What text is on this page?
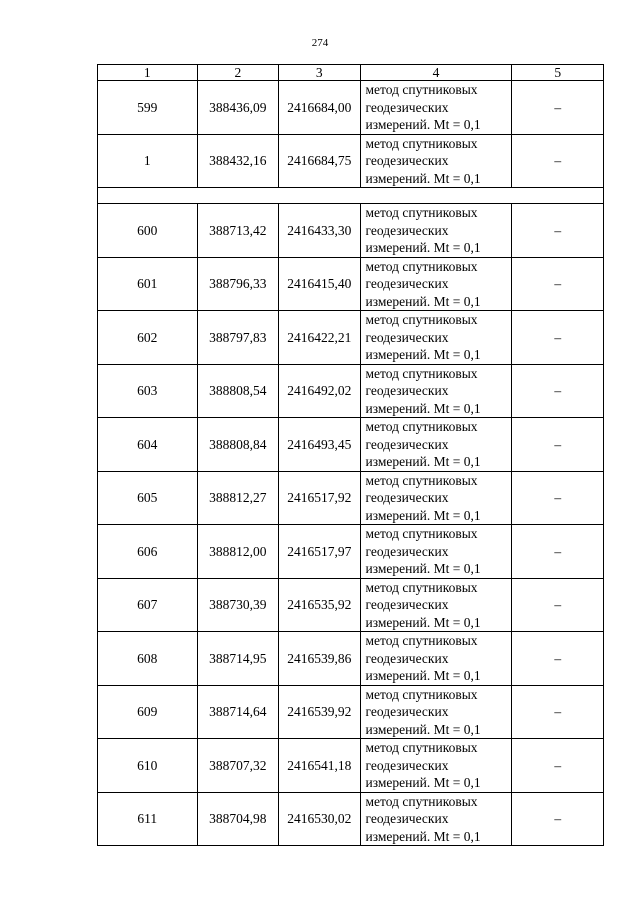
274
1	2	3	4	5
599	388436,09	2416684,00	метод спутниковых
геодезических
измерений. Mt = 0,1	–
1	388432,16	2416684,75	метод спутниковых
геодезических
измерений. Mt = 0,1	–

600	388713,42	2416433,30	метод спутниковых
геодезических
измерений. Mt = 0,1	–
601	388796,33	2416415,40	метод спутниковых
геодезических
измерений. Mt = 0,1	–
602	388797,83	2416422,21	метод спутниковых
геодезических
измерений. Mt = 0,1	–
603	388808,54	2416492,02	метод спутниковых
геодезических
измерений. Mt = 0,1	–
604	388808,84	2416493,45	метод спутниковых
геодезических
измерений. Mt = 0,1	–
605	388812,27	2416517,92	метод спутниковых
геодезических
измерений. Mt = 0,1	–
606	388812,00	2416517,97	метод спутниковых
геодезических
измерений. Mt = 0,1	–
607	388730,39	2416535,92	метод спутниковых
геодезических
измерений. Mt = 0,1	–
608	388714,95	2416539,86	метод спутниковых
геодезических
измерений. Mt = 0,1	–
609	388714,64	2416539,92	метод спутниковых
геодезических
измерений. Mt = 0,1	–
610	388707,32	2416541,18	метод спутниковых
геодезических
измерений. Mt = 0,1	–
611	388704,98	2416530,02	метод спутниковых
геодезических
измерений. Mt = 0,1	–
